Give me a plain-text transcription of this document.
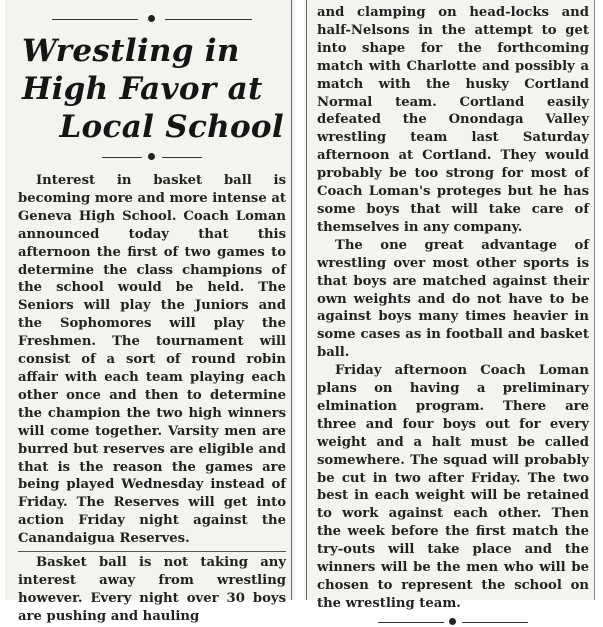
Wrestling in
High Favor at
Local School

Interest in basket ball is becoming more and more intense at Geneva High School. Coach Loman announced today that this afternoon the first of two games to determine the class champions of the school would be held. The Seniors will play the Juniors and the Sophomores will play the Freshmen. The tournament will consist of a sort of round robin affair with each team playing each other once and then to determine the champion the two high winners will come together. Varsity men are burred but reserves are eligible and that is the reason the games are being played Wednesday instead of Friday. The Reserves will get into action Friday night against the Canandaigua Reserves.

Basket ball is not taking any interest away from wrestling however. Every night over 30 boys are pushing and hauling

and clamping on head-locks and half-Nelsons in the attempt to get into shape for the forthcoming match with Charlotte and possibly a match with the husky Cortland Normal team. Cortland easily defeated the Onondaga Valley wrestling team last Saturday afternoon at Cortland. They would probably be too strong for most of Coach Loman's proteges but he has some boys that will take care of themselves in any company.

The one great advantage of wrestling over most other sports is that boys are matched against their own weights and do not have to be against boys many times heavier in some cases as in football and basket ball.

Friday afternoon Coach Loman plans on having a preliminary elmination program. There are three and four boys out for every weight and a halt must be called somewhere. The squad will probably be cut in two after Friday. The two best in each weight will be retained to work against each other. Then the week before the first match the try-outs will take place and the winners will be the men who will be chosen to represent the school on the wrestling team.
